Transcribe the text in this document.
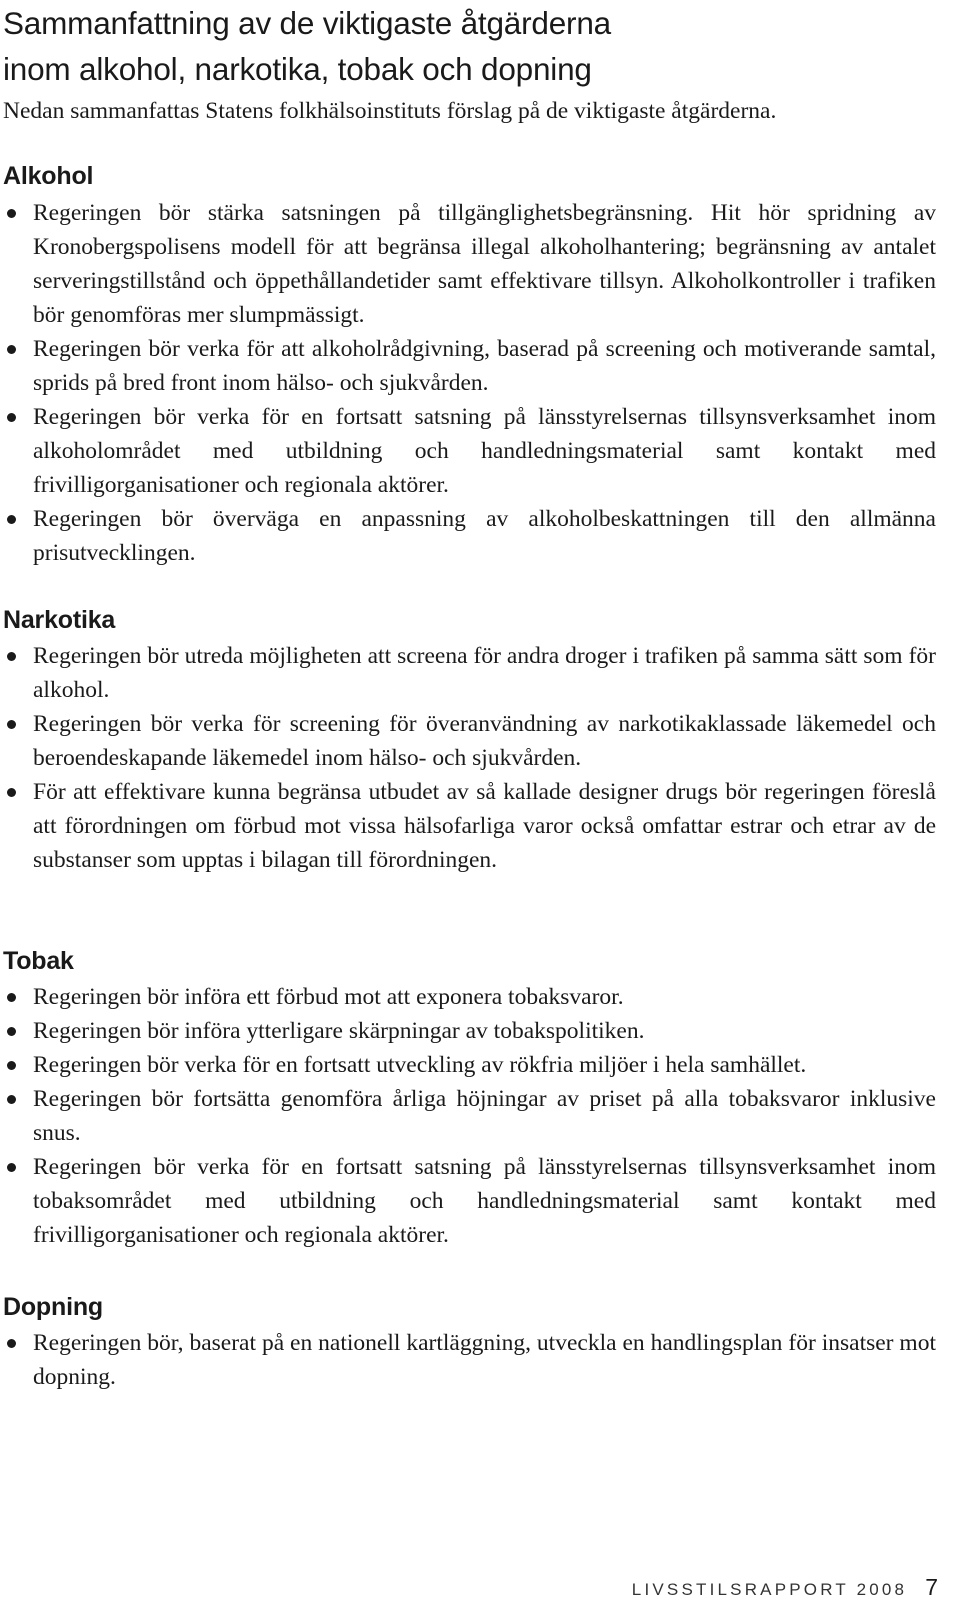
Sammanfattning av de viktigaste åtgärderna
inom alkohol, narkotika, tobak och dopning

Nedan sammanfattas Statens folkhälsoinstituts förslag på de viktigaste åtgärderna.

Alkohol
Regeringen bör stärka satsningen på tillgänglighetsbegränsning. Hit hör spridning av Kronobergspolisens modell för att begränsa illegal alkoholhantering; begränsning av antalet serveringstillstånd och öppethållandetider samt effektivare tillsyn. Alkoholkontroller i trafiken bör genomföras mer slumpmässigt.
Regeringen bör verka för att alkoholrådgivning, baserad på screening och motiverande samtal, sprids på bred front inom hälso- och sjukvården.
Regeringen bör verka för en fortsatt satsning på länsstyrelsernas tillsynsverksamhet inom alkoholområdet med utbildning och handledningsmaterial samt kontakt med frivilligorganisationer och regionala aktörer.
Regeringen bör överväga en anpassning av alkoholbeskattningen till den allmänna prisutvecklingen.
Narkotika
Regeringen bör utreda möjligheten att screena för andra droger i trafiken på samma sätt som för alkohol.
Regeringen bör verka för screening för överanvändning av narkotikaklassade läkemedel och beroendeskapande läkemedel inom hälso- och sjukvården.
För att effektivare kunna begränsa utbudet av så kallade designer drugs bör regeringen föreslå att förordningen om förbud mot vissa hälsofarliga varor också omfattar estrar och etrar av de substanser som upptas i bilagan till förordningen.
Tobak
Regeringen bör införa ett förbud mot att exponera tobaksvaror.
Regeringen bör införa ytterligare skärpningar av tobakspolitiken.
Regeringen bör verka för en fortsatt utveckling av rökfria miljöer i hela samhället.
Regeringen bör fortsätta genomföra årliga höjningar av priset på alla tobaksvaror inklusive snus.
Regeringen bör verka för en fortsatt satsning på länsstyrelsernas tillsynsverksamhet inom tobaksområdet med utbildning och handledningsmaterial samt kontakt med frivilligorganisationer och regionala aktörer.
Dopning
Regeringen bör, baserat på en nationell kartläggning, utveckla en handlingsplan för insatser mot dopning.
LIVSSTILSRAPPORT 2008 7
